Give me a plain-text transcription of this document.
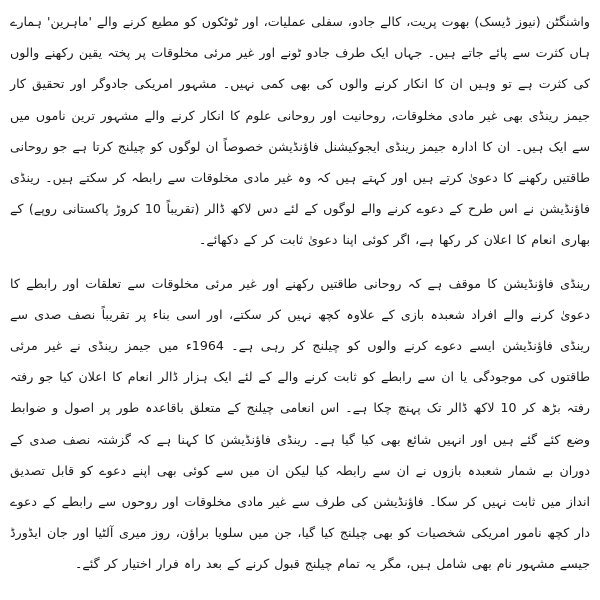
واشنگٹن (نیوز ڈیسک) بھوت پریت، کالے جادو، سفلی عملیات، اور ٹوٹکوں کو مطیع کرنے والے 'ماہرین' ہمارے ہاں کثرت سے پائے جاتے ہیں۔ جہاں ایک طرف جادو ٹونے اور غیر مرئی مخلوقات پر پختہ یقین رکھنے والوں کی کثرت ہے تو وہیں ان کا انکار کرنے والوں کی بھی کمی نہیں۔ مشہور امریکی جادوگر اور تحقیق کار جیمز رینڈی بھی غیر مادی مخلوقات، روحانیت اور روحانی علوم کا انکار کرنے والے مشہور ترین ناموں میں سے ایک ہیں۔ ان کا ادارہ جیمز رینڈی ایجوکیشنل فاؤنڈیشن خصوصاً ان لوگوں کو چیلنج کرتا ہے جو روحانی طاقتیں رکھنے کا دعویٰ کرتے ہیں اور کہتے ہیں کہ وہ غیر مادی مخلوقات سے رابطہ کر سکتے ہیں۔ رینڈی فاؤنڈیشن نے اس طرح کے دعوے کرنے والے لوگوں کے لئے دس لاکھ ڈالر (تقریباً 10 کروڑ پاکستانی روپے) کے بھاری انعام کا اعلان کر رکھا ہے، اگر کوئی اپنا دعویٰ ثابت کر کے دکھائے۔

رینڈی فاؤنڈیشن کا موقف ہے کہ روحانی طاقتیں رکھنے اور غیر مرئی مخلوقات سے تعلقات اور رابطے کا دعویٰ کرنے والے افراد شعبدہ بازی کے علاوہ کچھ نہیں کر سکتے، اور اسی بناء پر تقریباً نصف صدی سے رینڈی فاؤنڈیشن ایسے دعوے کرنے والوں کو چیلنج کر رہی ہے۔ 1964ء میں جیمز رینڈی نے غیر مرئی طاقتوں کی موجودگی یا ان سے رابطے کو ثابت کرنے والے کے لئے ایک ہزار ڈالر انعام کا اعلان کیا جو رفتہ رفتہ بڑھ کر 10 لاکھ ڈالر تک پہنچ چکا ہے۔ اس انعامی چیلنج کے متعلق باقاعدہ طور پر اصول و ضوابط وضع کئے گئے ہیں اور انہیں شائع بھی کیا گیا ہے۔ رینڈی فاؤنڈیشن کا کہنا ہے کہ گزشتہ نصف صدی کے دوران بے شمار شعبدہ بازوں نے ان سے رابطہ کیا لیکن ان میں سے کوئی بھی اپنے دعوے کو قابل تصدیق انداز میں ثابت نہیں کر سکا۔ فاؤنڈیشن کی طرف سے غیر مادی مخلوقات اور روحوں سے رابطے کے دعوے دار کچھ نامور امریکی شخصیات کو بھی چیلنج کیا گیا، جن میں سلویا براؤن، روز میری آلٹیا اور جان ایڈورڈ جیسے مشہور نام بھی شامل ہیں، مگر یہ تمام چیلنج قبول کرنے کے بعد راہ فرار اختیار کر گئے۔
